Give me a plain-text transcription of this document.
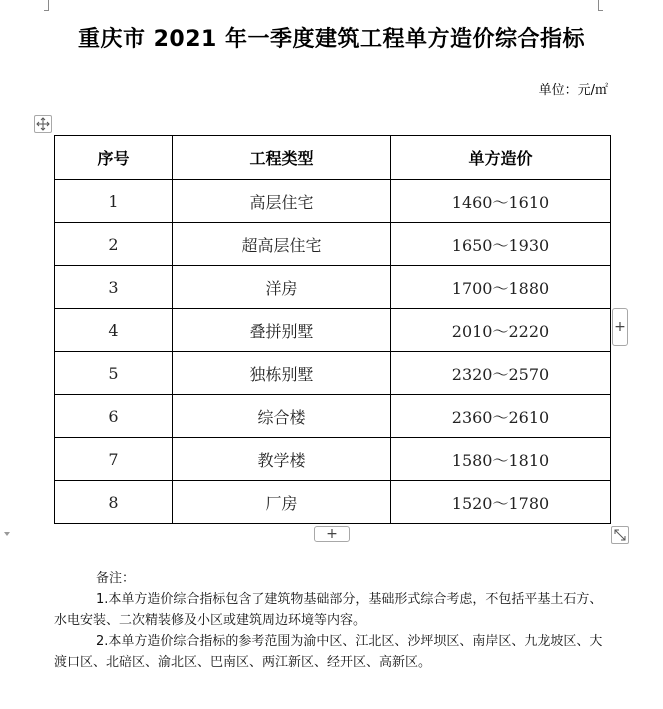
重庆市 2021 年一季度建筑工程单方造价综合指标
单位：元/㎡
序号	工程类型	单方造价
1	高层住宅	1460～1610
2	超高层住宅	1650～1930
3	洋房	1700～1880
4	叠拼别墅	2010～2220
5	独栋别墅	2320～2570
6	综合楼	2360～2610
7	教学楼	1580～1810
8	厂房	1520～1780
+
+
备注：
1.本单方造价综合指标包含了建筑物基础部分，基础形式综合考虑，不包括平基土石方、水电安装、二次精装修及小区或建筑周边环境等内容。
2.本单方造价综合指标的参考范围为渝中区、江北区、沙坪坝区、南岸区、九龙坡区、大渡口区、北碚区、渝北区、巴南区、两江新区、经开区、高新区。
